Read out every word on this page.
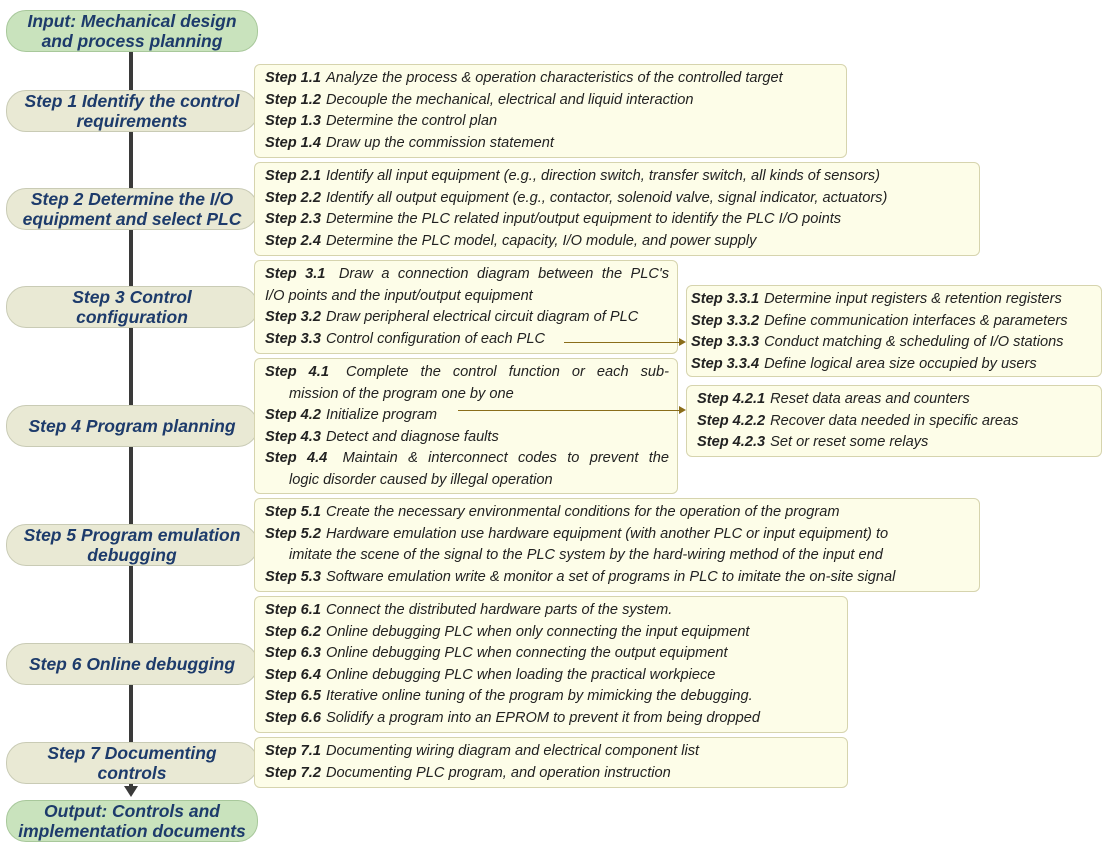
Input: Mechanical design
and process planning
Output: Controls and
implementation documents
Step 1 Identify the control
requirements
Step 2 Determine the I/O
equipment and select PLC
Step 3 Control
configuration
Step 4 Program planning
Step 5 Program emulation
debugging
Step 6 Online debugging
Step 7 Documenting
controls
Step 1.1 Analyze the process & operation characteristics of the controlled target
Step 1.2 Decouple the mechanical, electrical and liquid interaction
Step 1.3 Determine the control plan
Step 1.4 Draw up the commission statement
Step 2.1 Identify all input equipment (e.g., direction switch, transfer switch, all kinds of sensors)
Step 2.2 Identify all output equipment (e.g., contactor, solenoid valve, signal indicator, actuators)
Step 2.3 Determine the PLC related input/output equipment to identify the PLC I/O points
Step 2.4 Determine the PLC model, capacity, I/O module, and power supply
Step 3.1 Draw a connection diagram between the PLC's
I/O points and the input/output equipment
Step 3.2 Draw peripheral electrical circuit diagram of PLC
Step 3.3 Control configuration of each PLC
Step 3.3.1 Determine input registers & retention registers
Step 3.3.2 Define communication interfaces & parameters
Step 3.3.3 Conduct matching & scheduling of I/O stations
Step 3.3.4 Define logical area size occupied by users
Step 4.1 Complete the control function or each sub-
mission of the program one by one
Step 4.2 Initialize program
Step 4.3 Detect and diagnose faults
Step 4.4 Maintain & interconnect codes to prevent the
logic disorder caused by illegal operation
Step 4.2.1 Reset data areas and counters
Step 4.2.2 Recover data needed in specific areas
Step 4.2.3 Set or reset some relays
Step 5.1 Create the necessary environmental conditions for the operation of the program
Step 5.2 Hardware emulation use hardware equipment (with another PLC or input equipment) to
imitate the scene of the signal to the PLC system by the hard-wiring method of the input end
Step 5.3 Software emulation write & monitor a set of programs in PLC to imitate the on-site signal
Step 6.1 Connect the distributed hardware parts of the system.
Step 6.2 Online debugging PLC when only connecting the input equipment
Step 6.3 Online debugging PLC when connecting the output equipment
Step 6.4 Online debugging PLC when loading the practical workpiece
Step 6.5 Iterative online tuning of the program by mimicking the debugging.
Step 6.6 Solidify a program into an EPROM to prevent it from being dropped
Step 7.1 Documenting wiring diagram and electrical component list
Step 7.2 Documenting PLC program, and operation instruction
